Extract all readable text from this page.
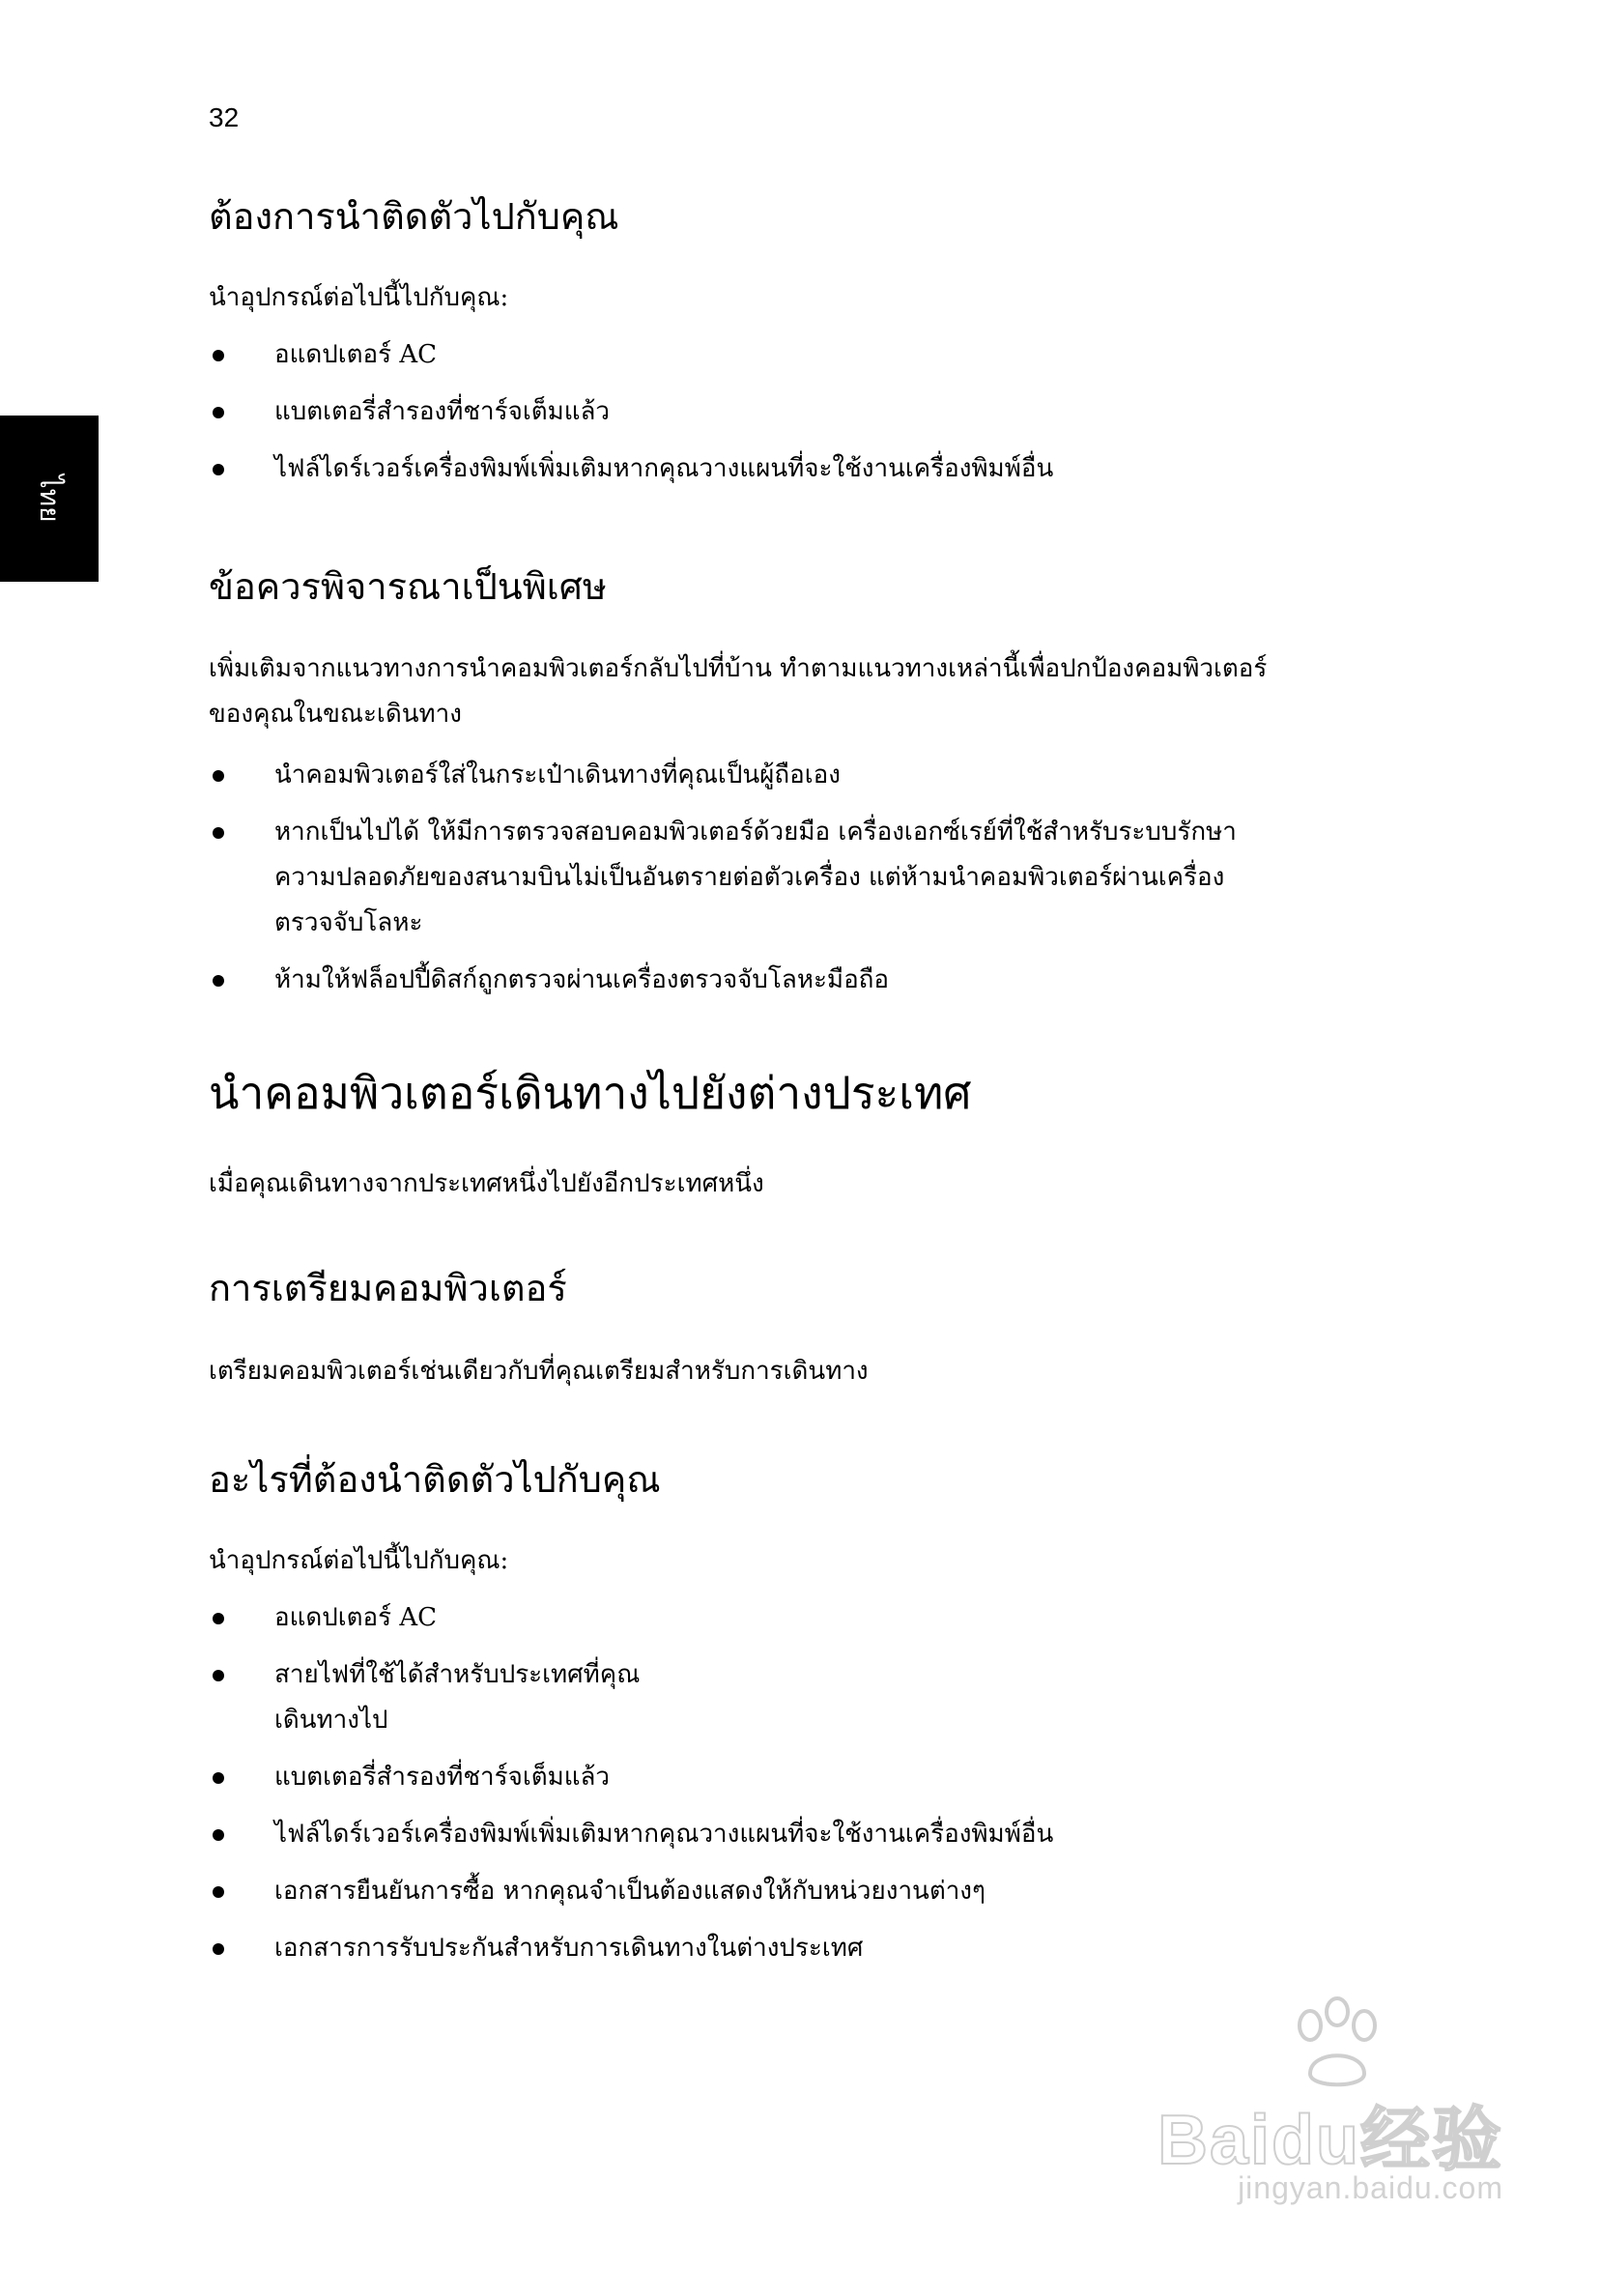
32
ไทย
ต้องการนำติดตัวไปกับคุณ

นำอุปกรณ์ต่อไปนี้ไปกับคุณ:

อแดปเตอร์ AC
แบตเตอรี่สำรองที่ชาร์จเต็มแล้ว
ไฟล์ไดร์เวอร์เครื่องพิมพ์เพิ่มเติมหากคุณวางแผนที่จะใช้งานเครื่องพิมพ์อื่น
ข้อควรพิจารณาเป็นพิเศษ

เพิ่มเติมจากแนวทางการนำคอมพิวเตอร์กลับไปที่บ้าน ทำตามแนวทางเหล่านี้เพื่อปกป้องคอมพิวเตอร์

ของคุณในขณะเดินทาง

นำคอมพิวเตอร์ใส่ในกระเป๋าเดินทางที่คุณเป็นผู้ถือเอง
หากเป็นไปได้ ให้มีการตรวจสอบคอมพิวเตอร์ด้วยมือ เครื่องเอกซ์เรย์ที่ใช้สำหรับระบบรักษา
ความปลอดภัยของสนามบินไม่เป็นอันตรายต่อตัวเครื่อง แต่ห้ามนำคอมพิวเตอร์ผ่านเครื่อง
ตรวจจับโลหะ
ห้ามให้ฟล็อปปี้ดิสก์ถูกตรวจผ่านเครื่องตรวจจับโลหะมือถือ
นำคอมพิวเตอร์เดินทางไปยังต่างประเทศ

เมื่อคุณเดินทางจากประเทศหนึ่งไปยังอีกประเทศหนึ่ง

การเตรียมคอมพิวเตอร์

เตรียมคอมพิวเตอร์เช่นเดียวกับที่คุณเตรียมสำหรับการเดินทาง

อะไรที่ต้องนำติดตัวไปกับคุณ

นำอุปกรณ์ต่อไปนี้ไปกับคุณ:

อแดปเตอร์ AC
สายไฟที่ใช้ได้สำหรับประเทศที่คุณ
เดินทางไป
แบตเตอรี่สำรองที่ชาร์จเต็มแล้ว
ไฟล์ไดร์เวอร์เครื่องพิมพ์เพิ่มเติมหากคุณวางแผนที่จะใช้งานเครื่องพิมพ์อื่น
เอกสารยืนยันการซื้อ หากคุณจำเป็นต้องแสดงให้กับหน่วยงานต่างๆ
เอกสารการรับประกันสำหรับการเดินทางในต่างประเทศ
Baidu经验
jingyan.baidu.com
